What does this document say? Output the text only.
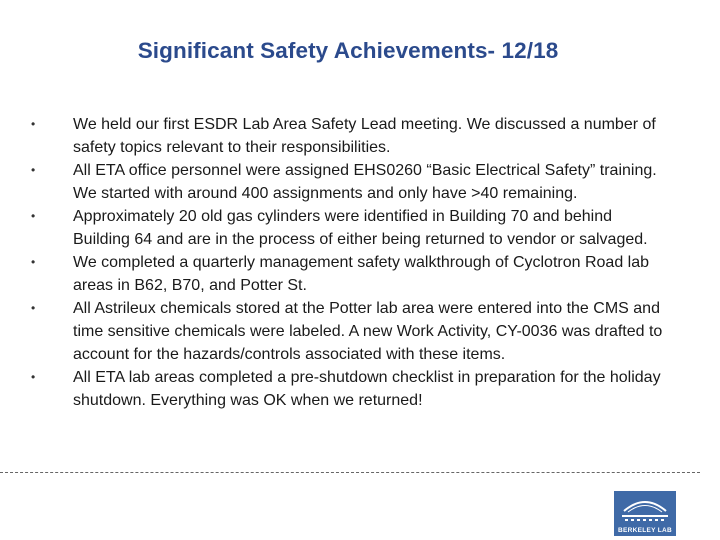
Significant Safety Achievements- 12/18
• We held our first ESDR Lab Area Safety Lead meeting. We discussed a number of safety topics relevant to their responsibilities.
• All ETA office personnel were assigned EHS0260 “Basic Electrical Safety” training. We started with around 400 assignments and only have >40 remaining.
• Approximately 20 old gas cylinders were identified in Building 70 and behind Building 64 and are in the process of either being returned to vendor or salvaged.
• We completed a quarterly management safety walkthrough of Cyclotron Road lab areas in B62, B70, and Potter St.
• All Astrileux chemicals stored at the Potter lab area were entered into the CMS and time sensitive chemicals were labeled. A new Work Activity, CY-0036 was drafted to account for the hazards/controls associated with these items.
• All ETA lab areas completed a pre-shutdown checklist in preparation for the holiday shutdown. Everything was OK when we returned!
BERKELEY LAB
